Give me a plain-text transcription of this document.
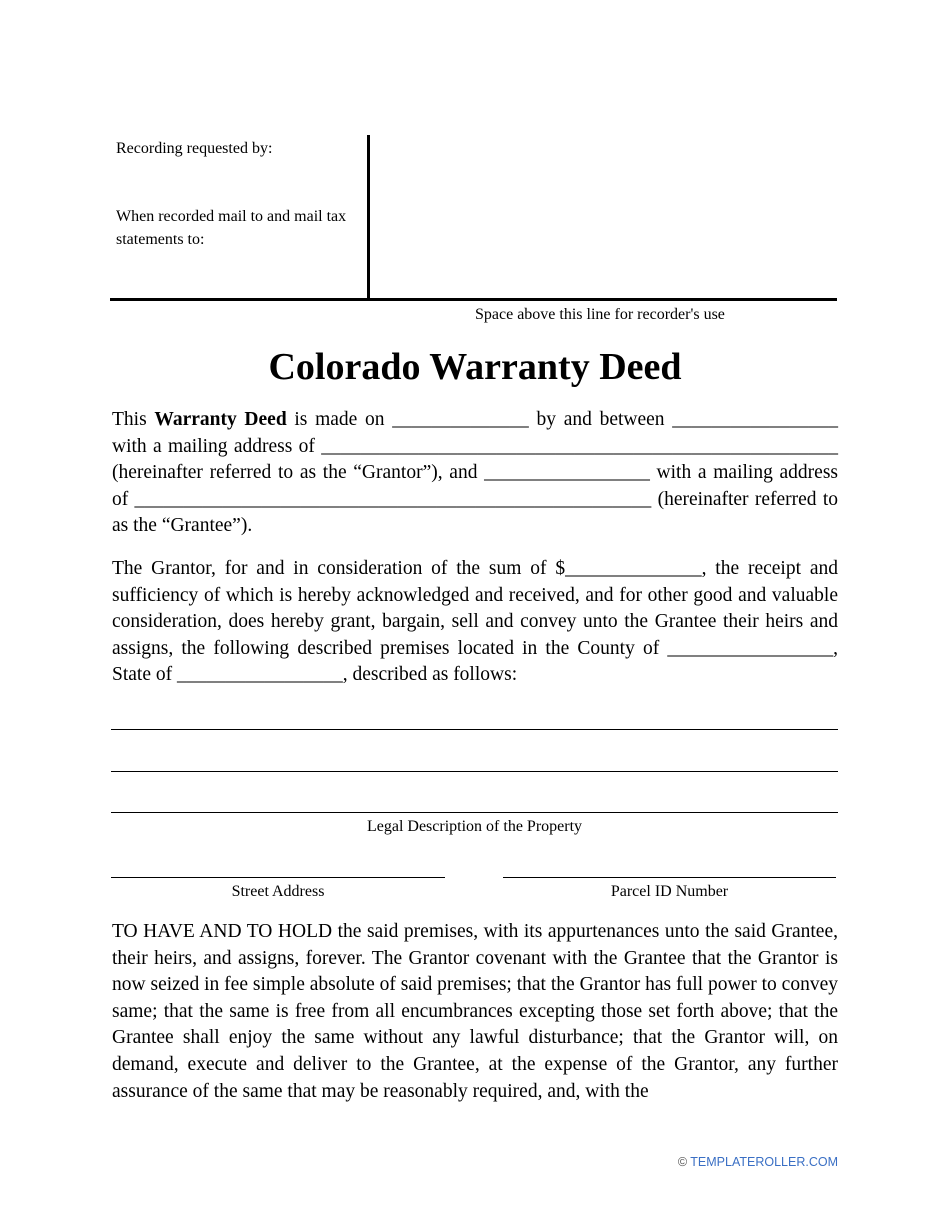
Recording requested by:
When recorded mail to and mail tax statements to:
Space above this line for recorder's use
Colorado Warranty Deed
This Warranty Deed is made on ______________ by and between _________________ with a mailing address of _____________________________________________________ (hereinafter referred to as the “Grantor”), and _________________ with a mailing address of _____________________________________________________ (hereinafter referred to as the “Grantee”).
The Grantor, for and in consideration of the sum of $______________, the receipt and sufficiency of which is hereby acknowledged and received, and for other good and valuable consideration, does hereby grant, bargain, sell and convey unto the Grantee their heirs and assigns, the following described premises located in the County of _________________, State of _________________, described as follows:
Legal Description of the Property
Street Address	Parcel ID Number
TO HAVE AND TO HOLD the said premises, with its appurtenances unto the said Grantee, their heirs, and assigns, forever. The Grantor covenant with the Grantee that the Grantor is now seized in fee simple absolute of said premises; that the Grantor has full power to convey same; that the same is free from all encumbrances excepting those set forth above; that the Grantee shall enjoy the same without any lawful disturbance; that the Grantor will, on demand, execute and deliver to the Grantee, at the expense of the Grantor, any further assurance of the same that may be reasonably required, and, with the
© TEMPLATEROLLER.COM
